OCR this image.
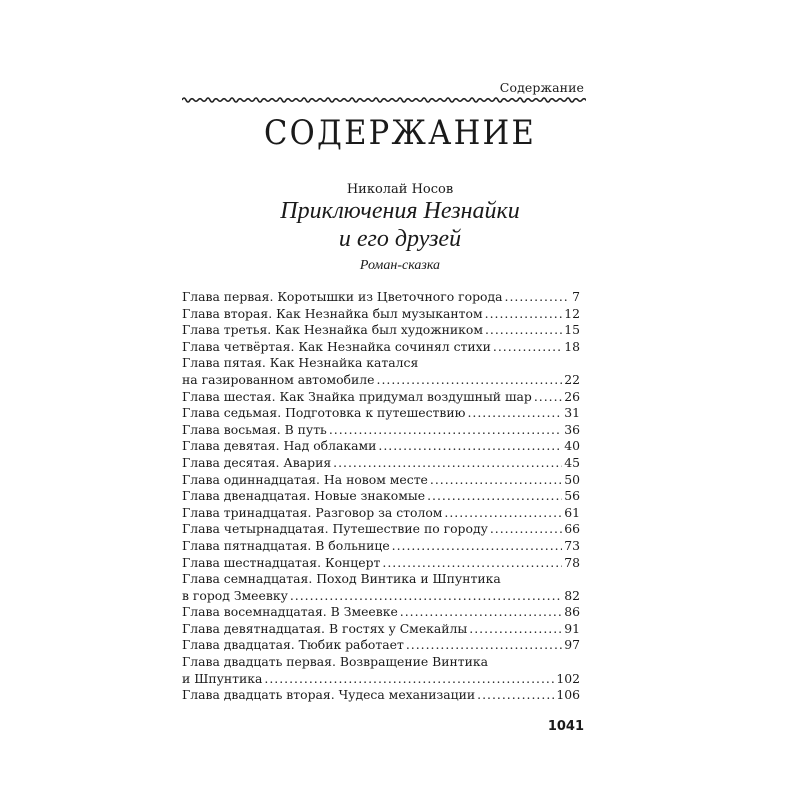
Содержание
СОДЕРЖАНИЕ
Николай Носов
Приключения Незнайки
и его друзей
Роман-сказка
Глава первая. Коротышки из Цветочного города .....	7
Глава вторая. Как Незнайка был музыкантом .....	12
Глава третья. Как Незнайка был художником .....	15
Глава четвёртая. Как Незнайка сочинял стихи .....	18
Глава пятая. Как Незнайка катался
на газированном автомобиле .....	22
Глава шестая. Как Знайка придумал воздушный шар .....	26
Глава седьмая. Подготовка к путешествию .....	31
Глава восьмая. В путь .....	36
Глава девятая. Над облаками .....	40
Глава десятая. Авария .....	45
Глава одиннадцатая. На новом месте .....	50
Глава двенадцатая. Новые знакомые .....	56
Глава тринадцатая. Разговор за столом .....	61
Глава четырнадцатая. Путешествие по городу .....	66
Глава пятнадцатая. В больнице .....	73
Глава шестнадцатая. Концерт .....	78
Глава семнадцатая. Поход Винтика и Шпунтика
в город Змеевку .....	82
Глава восемнадцатая. В Змеевке .....	86
Глава девятнадцатая. В гостях у Смекайлы .....	91
Глава двадцатая. Тюбик работает .....	97
Глава двадцать первая. Возвращение Винтика
и Шпунтика .....	102
Глава двадцать вторая. Чудеса механизации .....	106
1041
